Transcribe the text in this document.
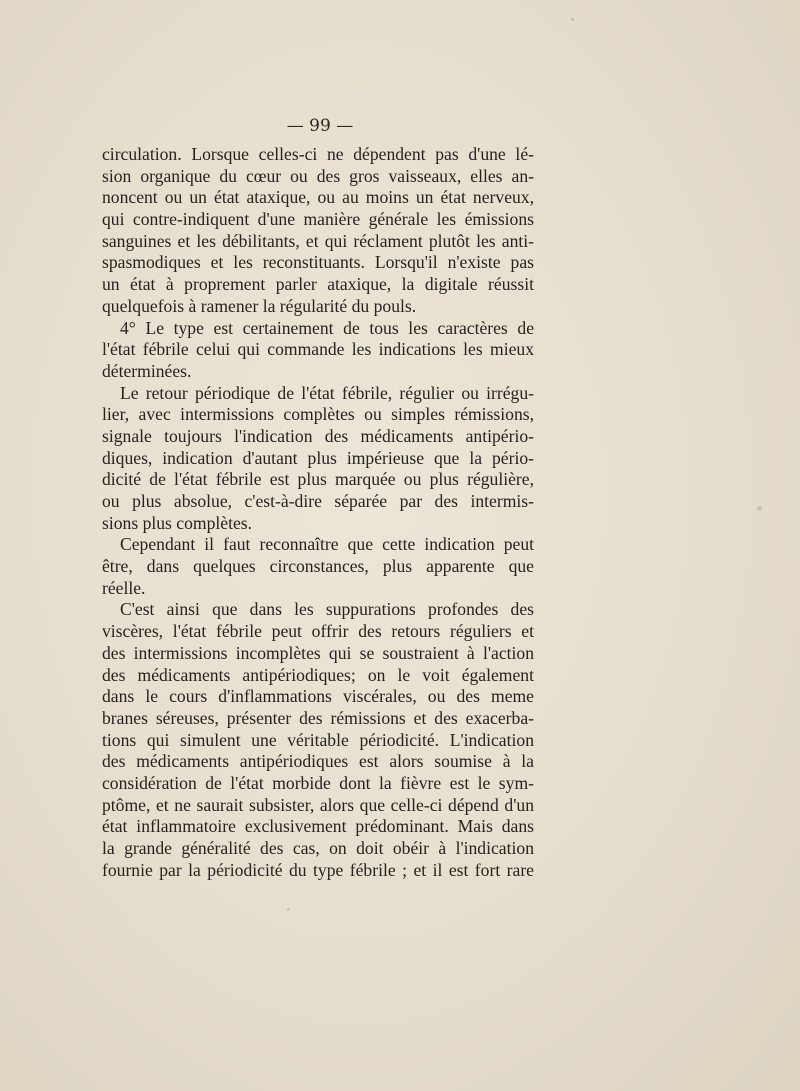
— 99 —
circulation. Lorsque celles-ci ne dépendent pas d'une lé-
sion organique du cœur ou des gros vaisseaux, elles an-
noncent ou un état ataxique, ou au moins un état nerveux,
qui contre-indiquent d'une manière générale les émissions
sanguines et les débilitants, et qui réclament plutôt les anti-
spasmodiques et les reconstituants. Lorsqu'il n'existe pas
un état à proprement parler ataxique, la digitale réussit
quelquefois à ramener la régularité du pouls.
4° Le type est certainement de tous les caractères de
l'état fébrile celui qui commande les indications les mieux
déterminées.
Le retour périodique de l'état fébrile, régulier ou irrégu-
lier, avec intermissions complètes ou simples rémissions,
signale toujours l'indication des médicaments antipério-
diques, indication d'autant plus impérieuse que la pério-
dicité de l'état fébrile est plus marquée ou plus régulière,
ou plus absolue, c'est-à-dire séparée par des intermis-
sions plus complètes.
Cependant il faut reconnaître que cette indication peut
être, dans quelques circonstances, plus apparente que
réelle.
C'est ainsi que dans les suppurations profondes des
viscères, l'état fébrile peut offrir des retours réguliers et
des intermissions incomplètes qui se soustraient à l'action
des médicaments antipériodiques; on le voit également
dans le cours d'inflammations viscérales, ou des meme
branes séreuses, présenter des rémissions et des exacerba-
tions qui simulent une véritable périodicité. L'indication
des médicaments antipériodiques est alors soumise à la
considération de l'état morbide dont la fièvre est le sym-
ptôme, et ne saurait subsister, alors que celle-ci dépend d'un
état inflammatoire exclusivement prédominant. Mais dans
la grande généralité des cas, on doit obéir à l'indication
fournie par la périodicité du type fébrile ; et il est fort rare
